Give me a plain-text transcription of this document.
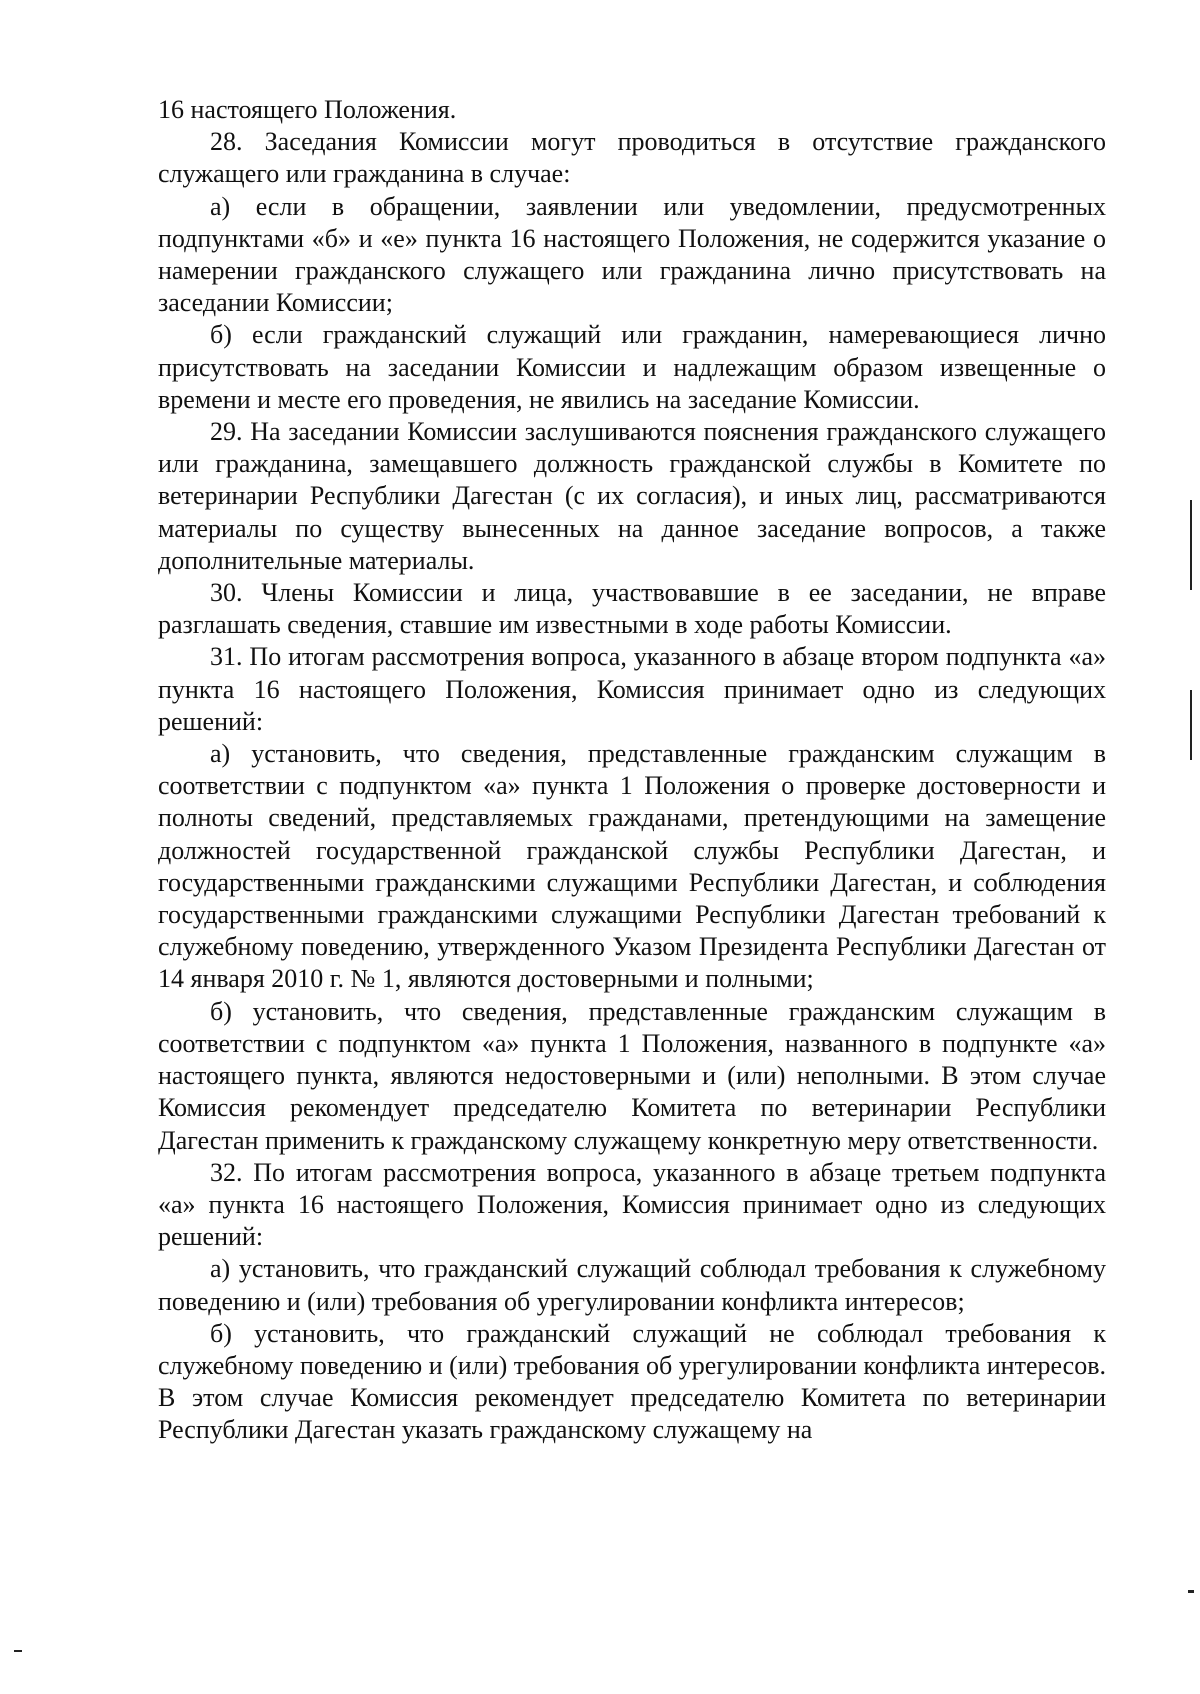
16 настоящего Положения.

28. Заседания Комиссии могут проводиться в отсутствие гражданского служащего или гражданина в случае:

а) если в обращении, заявлении или уведомлении, предусмотренных подпунктами «б» и «е» пункта 16 настоящего Положения, не содержится указание о намерении гражданского служащего или гражданина лично присутствовать на заседании Комиссии;

б) если гражданский служащий или гражданин, намеревающиеся лично присутствовать на заседании Комиссии и надлежащим образом извещенные о времени и месте его проведения, не явились на заседание Комиссии.

29. На заседании Комиссии заслушиваются пояснения гражданского служащего или гражданина, замещавшего должность гражданской службы в Комитете по ветеринарии Республики Дагестан (с их согласия), и иных лиц, рассматриваются материалы по существу вынесенных на данное заседание вопросов, а также дополнительные материалы.

30. Члены Комиссии и лица, участвовавшие в ее заседании, не вправе разглашать сведения, ставшие им известными в ходе работы Комиссии.

31. По итогам рассмотрения вопроса, указанного в абзаце втором подпункта «а» пункта 16 настоящего Положения, Комиссия принимает одно из следующих решений:

а) установить, что сведения, представленные гражданским служащим в соответствии с подпунктом «а» пункта 1 Положения о проверке достоверности и полноты сведений, представляемых гражданами, претендующими на замещение должностей государственной гражданской службы Республики Дагестан, и государственными гражданскими служащими Республики Дагестан, и соблюдения государственными гражданскими служащими Республики Дагестан требований к служебному поведению, утвержденного Указом Президента Республики Дагестан от 14 января 2010 г. № 1, являются достоверными и полными;

б) установить, что сведения, представленные гражданским служащим в соответствии с подпунктом «а» пункта 1 Положения, названного в подпункте «а» настоящего пункта, являются недостоверными и (или) неполными. В этом случае Комиссия рекомендует председателю Комитета по ветеринарии Республики Дагестан применить к гражданскому служащему конкретную меру ответственности.

32. По итогам рассмотрения вопроса, указанного в абзаце третьем подпункта «а» пункта 16 настоящего Положения, Комиссия принимает одно из следующих решений:

а) установить, что гражданский служащий соблюдал требования к служебному поведению и (или) требования об урегулировании конфликта интересов;

б) установить, что гражданский служащий не соблюдал требования к служебному поведению и (или) требования об урегулировании конфликта интересов. В этом случае Комиссия рекомендует председателю Комитета по ветеринарии Республики Дагестан указать гражданскому служащему на
